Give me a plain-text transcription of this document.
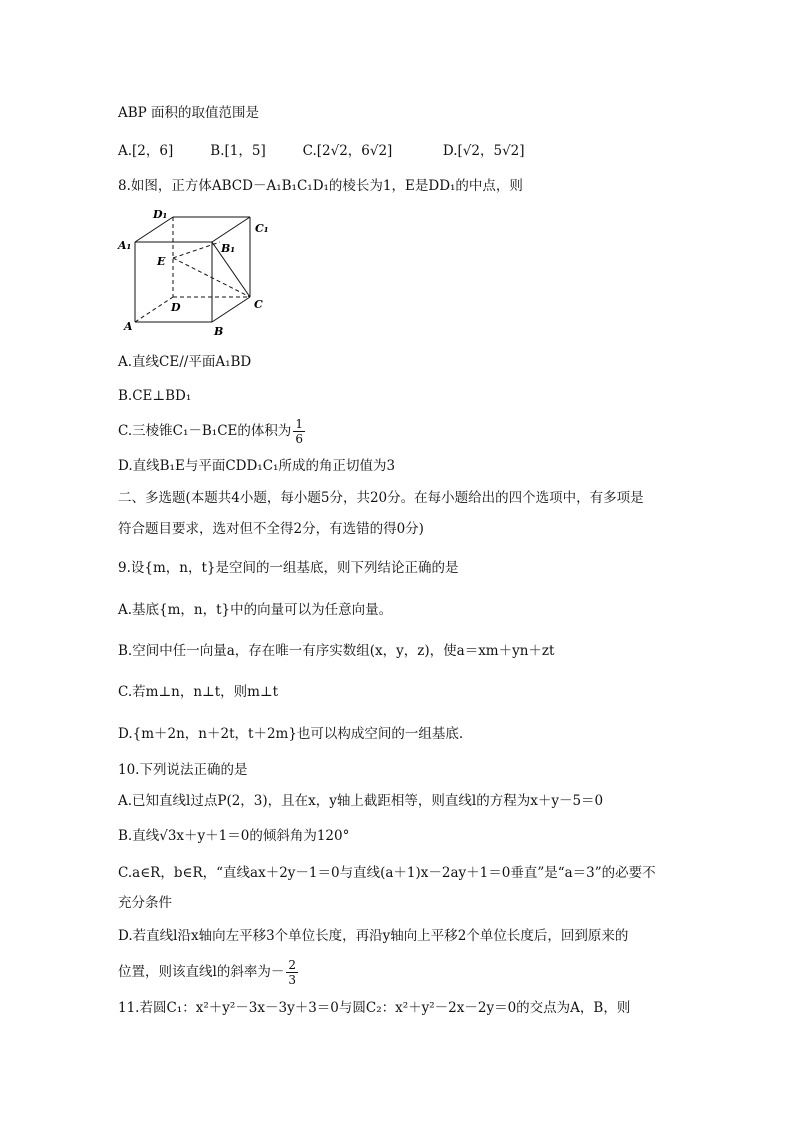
ABP 面积的取值范围是
A.[2，6]	B.[1，5]	C.[2√2，6√2]	D.[√2，5√2]
8.如图，正方体ABCD－A₁B₁C₁D₁的棱长为1，E是DD₁的中点，则
D₁
C₁
A₁	B₁
E
D	C
A	B
A.直线CE//平面A₁BD
B.CE⊥BD₁
C.三棱锥C₁－B₁CE的体积为 $\frac{1}{6}$
D.直线B₁E与平面CDD₁C₁所成的角正切值为3
二、多选题(本题共4小题，每小题5分，共20分。在每小题给出的四个选项中，有多项是
符合题目要求，选对但不全得2分，有选错的得0分)
9.设{m，n，t}是空间的一组基底，则下列结论正确的是
A.基底{m，n，t}中的向量可以为任意向量。
B.空间中任一向量a，存在唯一有序实数组(x，y，z)，使a＝xm＋yn＋zt
C.若m⊥n，n⊥t，则m⊥t
D.{m＋2n，n＋2t，t＋2m}也可以构成空间的一组基底.
10.下列说法正确的是
A.已知直线l过点P(2，3)，且在x，y轴上截距相等，则直线l的方程为x＋y－5＝0
B.直线√3x＋y＋1＝0的倾斜角为120°
C.a∈R，b∈R，“直线ax＋2y－1＝0与直线(a＋1)x－2ay＋1＝0垂直”是“a＝3”的必要不
充分条件
D.若直线l沿x轴向左平移3个单位长度，再沿y轴向上平移2个单位长度后，回到原来的
位置，则该直线l的斜率为－ $\frac{2}{3}$
11.若圆C₁：x²＋y²－3x－3y＋3＝0与圆C₂：x²＋y²－2x－2y＝0的交点为A，B，则
